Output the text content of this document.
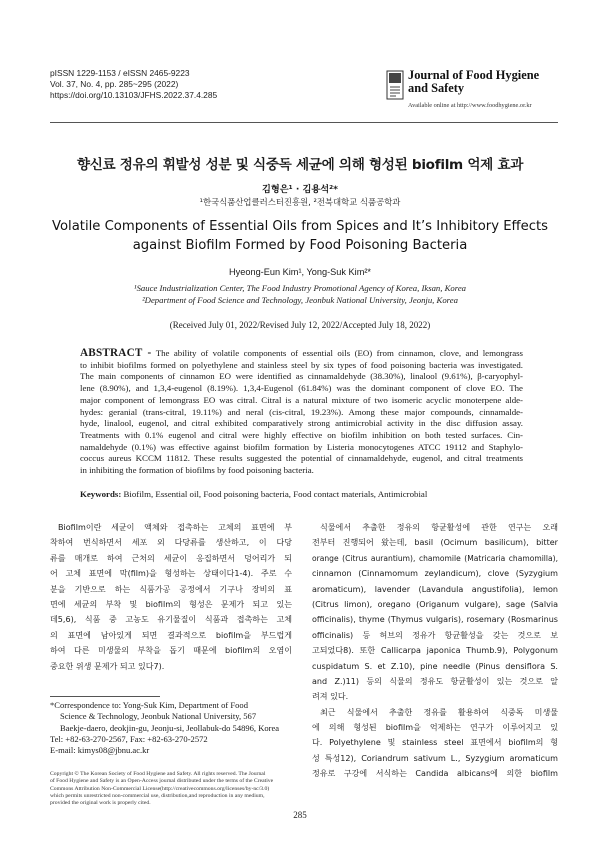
pISSN 1229-1153 / eISSN 2465-9223
Vol. 37, No. 4, pp. 285~295 (2022)
https://doi.org/10.13103/JFHS.2022.37.4.285
Journal of Food Hygiene
and Safety
Available online at http://www.foodhygiene.or.kr
향신료 정유의 휘발성 성분 및 식중독 세균에 의해 형성된 biofilm 억제 효과
김형은¹ · 김용석²*
¹한국식품산업클러스터진흥원, ²전북대학교 식품공학과
Volatile Components of Essential Oils from Spices and It’s Inhibitory Effects
against Biofilm Formed by Food Poisoning Bacteria
Hyeong-Eun Kim¹, Yong-Suk Kim²*
¹Sauce Industrialization Center, The Food Industry Promotional Agency of Korea, Iksan, Korea
²Department of Food Science and Technology, Jeonbuk National University, Jeonju, Korea
(Received July 01, 2022/Revised July 12, 2022/Accepted July 18, 2022)
ABSTRACT - The ability of volatile components of essential oils (EO) from cinnamon, clove, and lemongrass
to inhibit biofilms formed on polyethylene and stainless steel by six types of food poisoning bacteria was investigated.
The main components of cinnamon EO were identified as cinnamaldehyde (38.30%), linalool (9.61%), β-caryophyl-
lene (8.90%), and 1,3,4-eugenol (8.19%). 1,3,4-Eugenol (61.84%) was the dominant component of clove EO. The
major component of lemongrass EO was citral. Citral is a natural mixture of two isomeric acyclic monoterpene alde-
hydes: geranial (trans-citral, 19.11%) and neral (cis-citral, 19.23%). Among these major compounds, cinnamalde-
hyde, linalool, eugenol, and citral exhibited comparatively strong antimicrobial activity in the disc diffusion assay.
Treatments with 0.1% eugenol and citral were highly effective on biofilm inhibition on both tested surfaces. Cin-
namaldehyde (0.1%) was effective against biofilm formation by Listeria monocytogenes ATCC 19112 and Staphylo-
coccus aureus KCCM 11812. These results suggested the potential of cinnamaldehyde, eugenol, and citral treatments
in inhibiting the formation of biofilms by food poisoning bacteria.
Keywords: Biofilm, Essential oil, Food poisoning bacteria, Food contact materials, Antimicrobial
Biofilm이란 세균이 액체와 접촉하는 고체의 표면에 부
착하여 번식하면서 세포 외 다당류를 생산하고, 이 다당
류를 매개로 하여 근처의 세균이 응집하면서 덩어리가 되
어 고체 표면에 막(film)을 형성하는 상태이다1-4). 주로 수
분을 기반으로 하는 식품가공 공정에서 기구나 장비의 표
면에 세균의 부착 및 biofilm의 형성은 문제가 되고 있는
데5,6), 식품 중 고농도 유기물질이 식품과 접촉하는 고체
의 표면에 남아있게 되면 결과적으로 biofilm을 부드럽게
하여 다른 미생물의 부착을 돕기 때문에 biofilm의 오염이
중요한 위생 문제가 되고 있다7).
식물에서 추출한 정유의 항균활성에 관한 연구는 오래
전부터 진행되어 왔는데, basil (Ocimum basilicum), bitter
orange (Citrus aurantium), chamomile (Matricaria chamomilla),
cinnamon (Cinnamomum zeylandicum), clove (Syzygium
aromaticum), lavender (Lavandula angustifolia), lemon
(Citrus limon), oregano (Origanum vulgare), sage (Salvia
officinalis), thyme (Thymus vulgaris), rosemary (Rosmarinus
officinalis) 등 허브의 정유가 항균활성을 갖는 것으로 보
고되었다8). 또한 Callicarpa japonica Thumb.9), Polygonum
cuspidatum S. et Z.10), pine needle (Pinus densiflora S.
and Z.)11) 등의 식물의 정유도 항균활성이 있는 것으로 알
려져 있다.
최근 식물에서 추출한 정유를 활용하여 식중독 미생물
에 의해 형성된 biofilm을 억제하는 연구가 이루어지고 있
다. Polyethylene 및 stainless steel 표면에서 biofilm의 형
성 특성12), Coriandrum sativum L., Syzygium aromaticum
정유로 구강에 서식하는 Candida albicans에 의한 biofilm
*Correspondence to: Yong-Suk Kim, Department of Food
Science & Technology, Jeonbuk National University, 567
Baekje-daero, deokjin-gu, Jeonju-si, Jeollabuk-do 54896, Korea
Tel: +82-63-270-2567, Fax: +82-63-270-2572
E-mail: kimys08@jbnu.ac.kr
Copyright © The Korean Society of Food Hygiene and Safety. All rights reserved. The Journal
of Food Hygiene and Safety is an Open-Access journal distributed under the terms of the Creative
Commons Attribution Non-Commercial License(http://creativecommons.org/licenses/by-nc/3.0)
which permits unrestricted non-commercial use, distribution,and reproduction in any medium,
provided the original work is properly cited.
285
